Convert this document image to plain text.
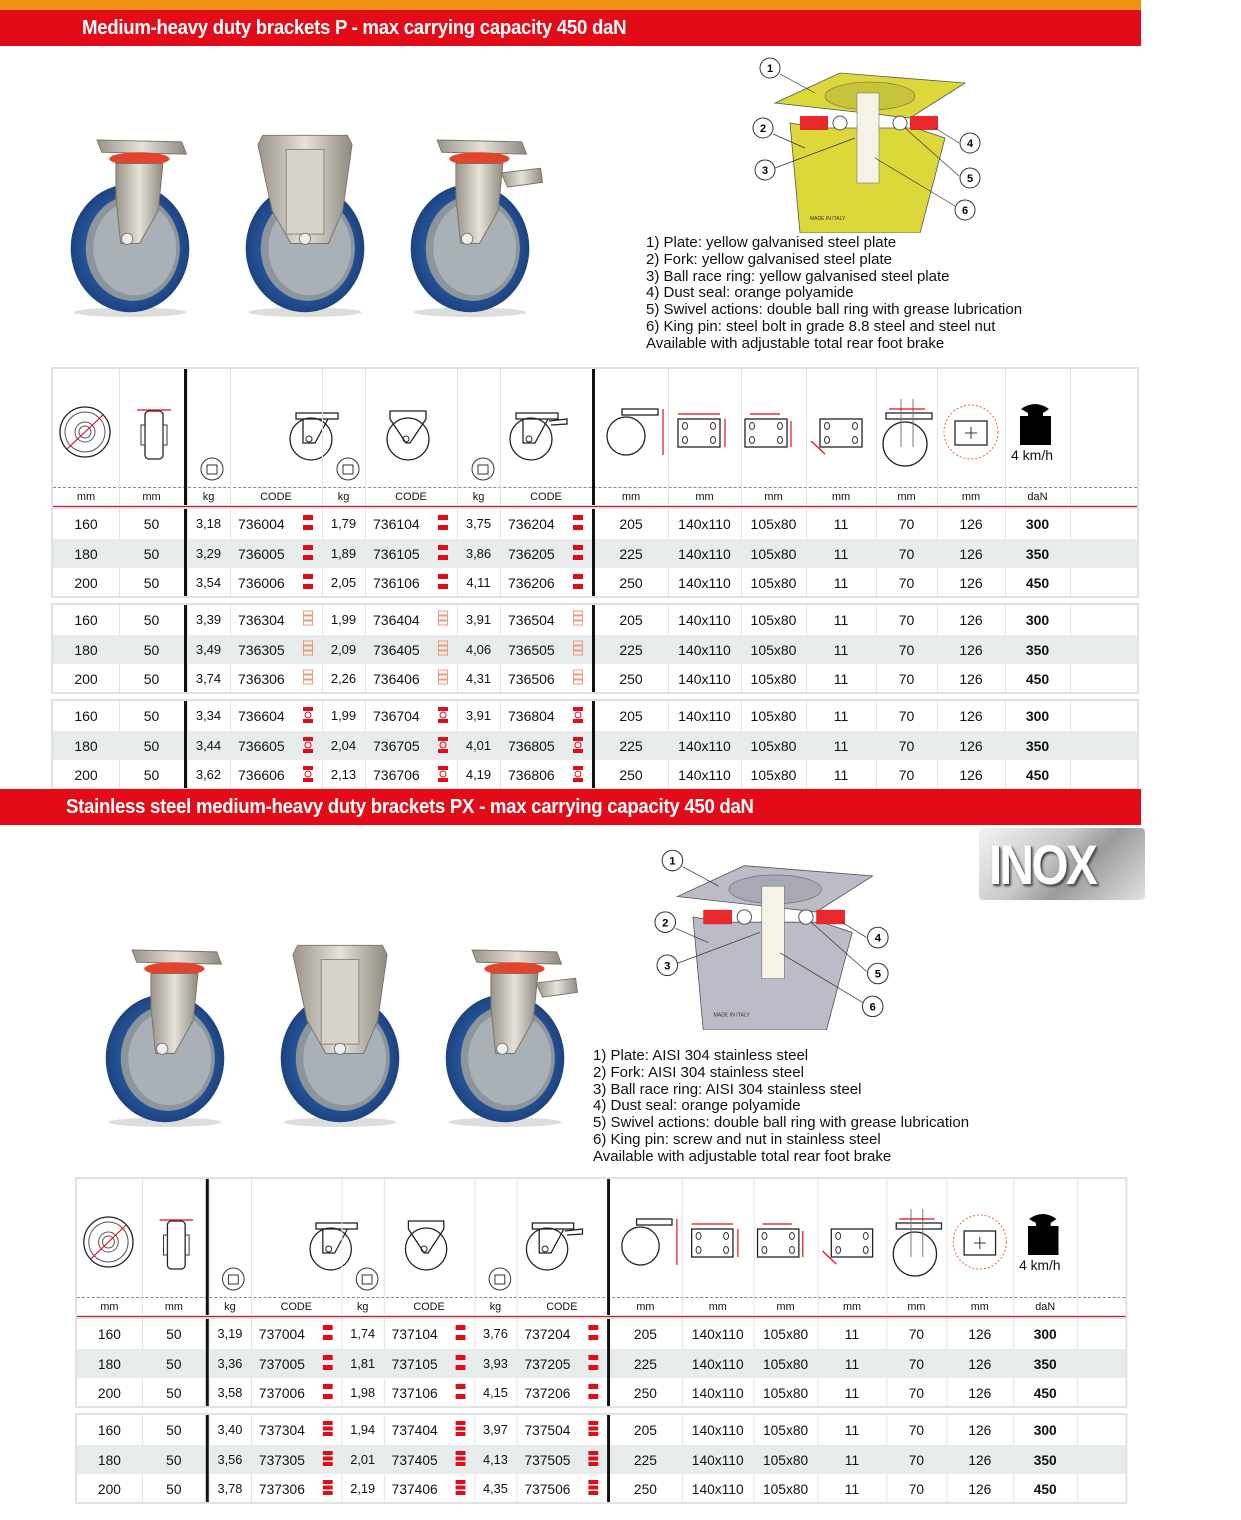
Medium-heavy duty brackets P - max carrying capacity 450 daN
1
2
3
4
5
6
MADE IN ITALY
1) Plate: yellow galvanised steel plate
2) Fork: yellow galvanised steel plate
3) Ball race ring: yellow galvanised steel plate
4) Dust seal: orange polyamide
5) Swivel actions: double ball ring with grease lubrication
6) King pin: steel bolt in grade 8.8 steel and steel nut
Available with adjustable total rear foot brake
4 km/h
mm	mm	kg	CODE	kg	CODE	kg	CODE	mm	mm	mm	mm	mm	mm	daN
160	50	3,18	736004	1,79	736104	3,75	736204	205	140x110	105x80	11	70	126	300
180	50	3,29	736005	1,89	736105	3,86	736205	225	140x110	105x80	11	70	126	350
200	50	3,54	736006	2,05	736106	4,11	736206	250	140x110	105x80	11	70	126	450
160	50	3,39	736304	1,99	736404	3,91	736504	205	140x110	105x80	11	70	126	300
180	50	3,49	736305	2,09	736405	4,06	736505	225	140x110	105x80	11	70	126	350
200	50	3,74	736306	2,26	736406	4,31	736506	250	140x110	105x80	11	70	126	450
160	50	3,34	736604	1,99	736704	3,91	736804	205	140x110	105x80	11	70	126	300
180	50	3,44	736605	2,04	736705	4,01	736805	225	140x110	105x80	11	70	126	350
200	50	3,62	736606	2,13	736706	4,19	736806	250	140x110	105x80	11	70	126	450
Stainless steel medium-heavy duty brackets PX - max carrying capacity 450 daN
INOX
1
2
3
4
5
6
MADE IN ITALY
1) Plate: AISI 304 stainless steel
2) Fork: AISI 304 stainless steel
3) Ball race ring: AISI 304 stainless steel
4) Dust seal: orange polyamide
5) Swivel actions: double ball ring with grease lubrication
6) King pin: screw and nut in stainless steel
Available with adjustable total rear foot brake
4 km/h
mm	mm	kg	CODE	kg	CODE	kg	CODE	mm	mm	mm	mm	mm	mm	daN
160	50	3,19	737004	1,74	737104	3,76	737204	205	140x110	105x80	11	70	126	300
180	50	3,36	737005	1,81	737105	3,93	737205	225	140x110	105x80	11	70	126	350
200	50	3,58	737006	1,98	737106	4,15	737206	250	140x110	105x80	11	70	126	450
160	50	3,40	737304	1,94	737404	3,97	737504	205	140x110	105x80	11	70	126	300
180	50	3,56	737305	2,01	737405	4,13	737505	225	140x110	105x80	11	70	126	350
200	50	3,78	737306	2,19	737406	4,35	737506	250	140x110	105x80	11	70	126	450
